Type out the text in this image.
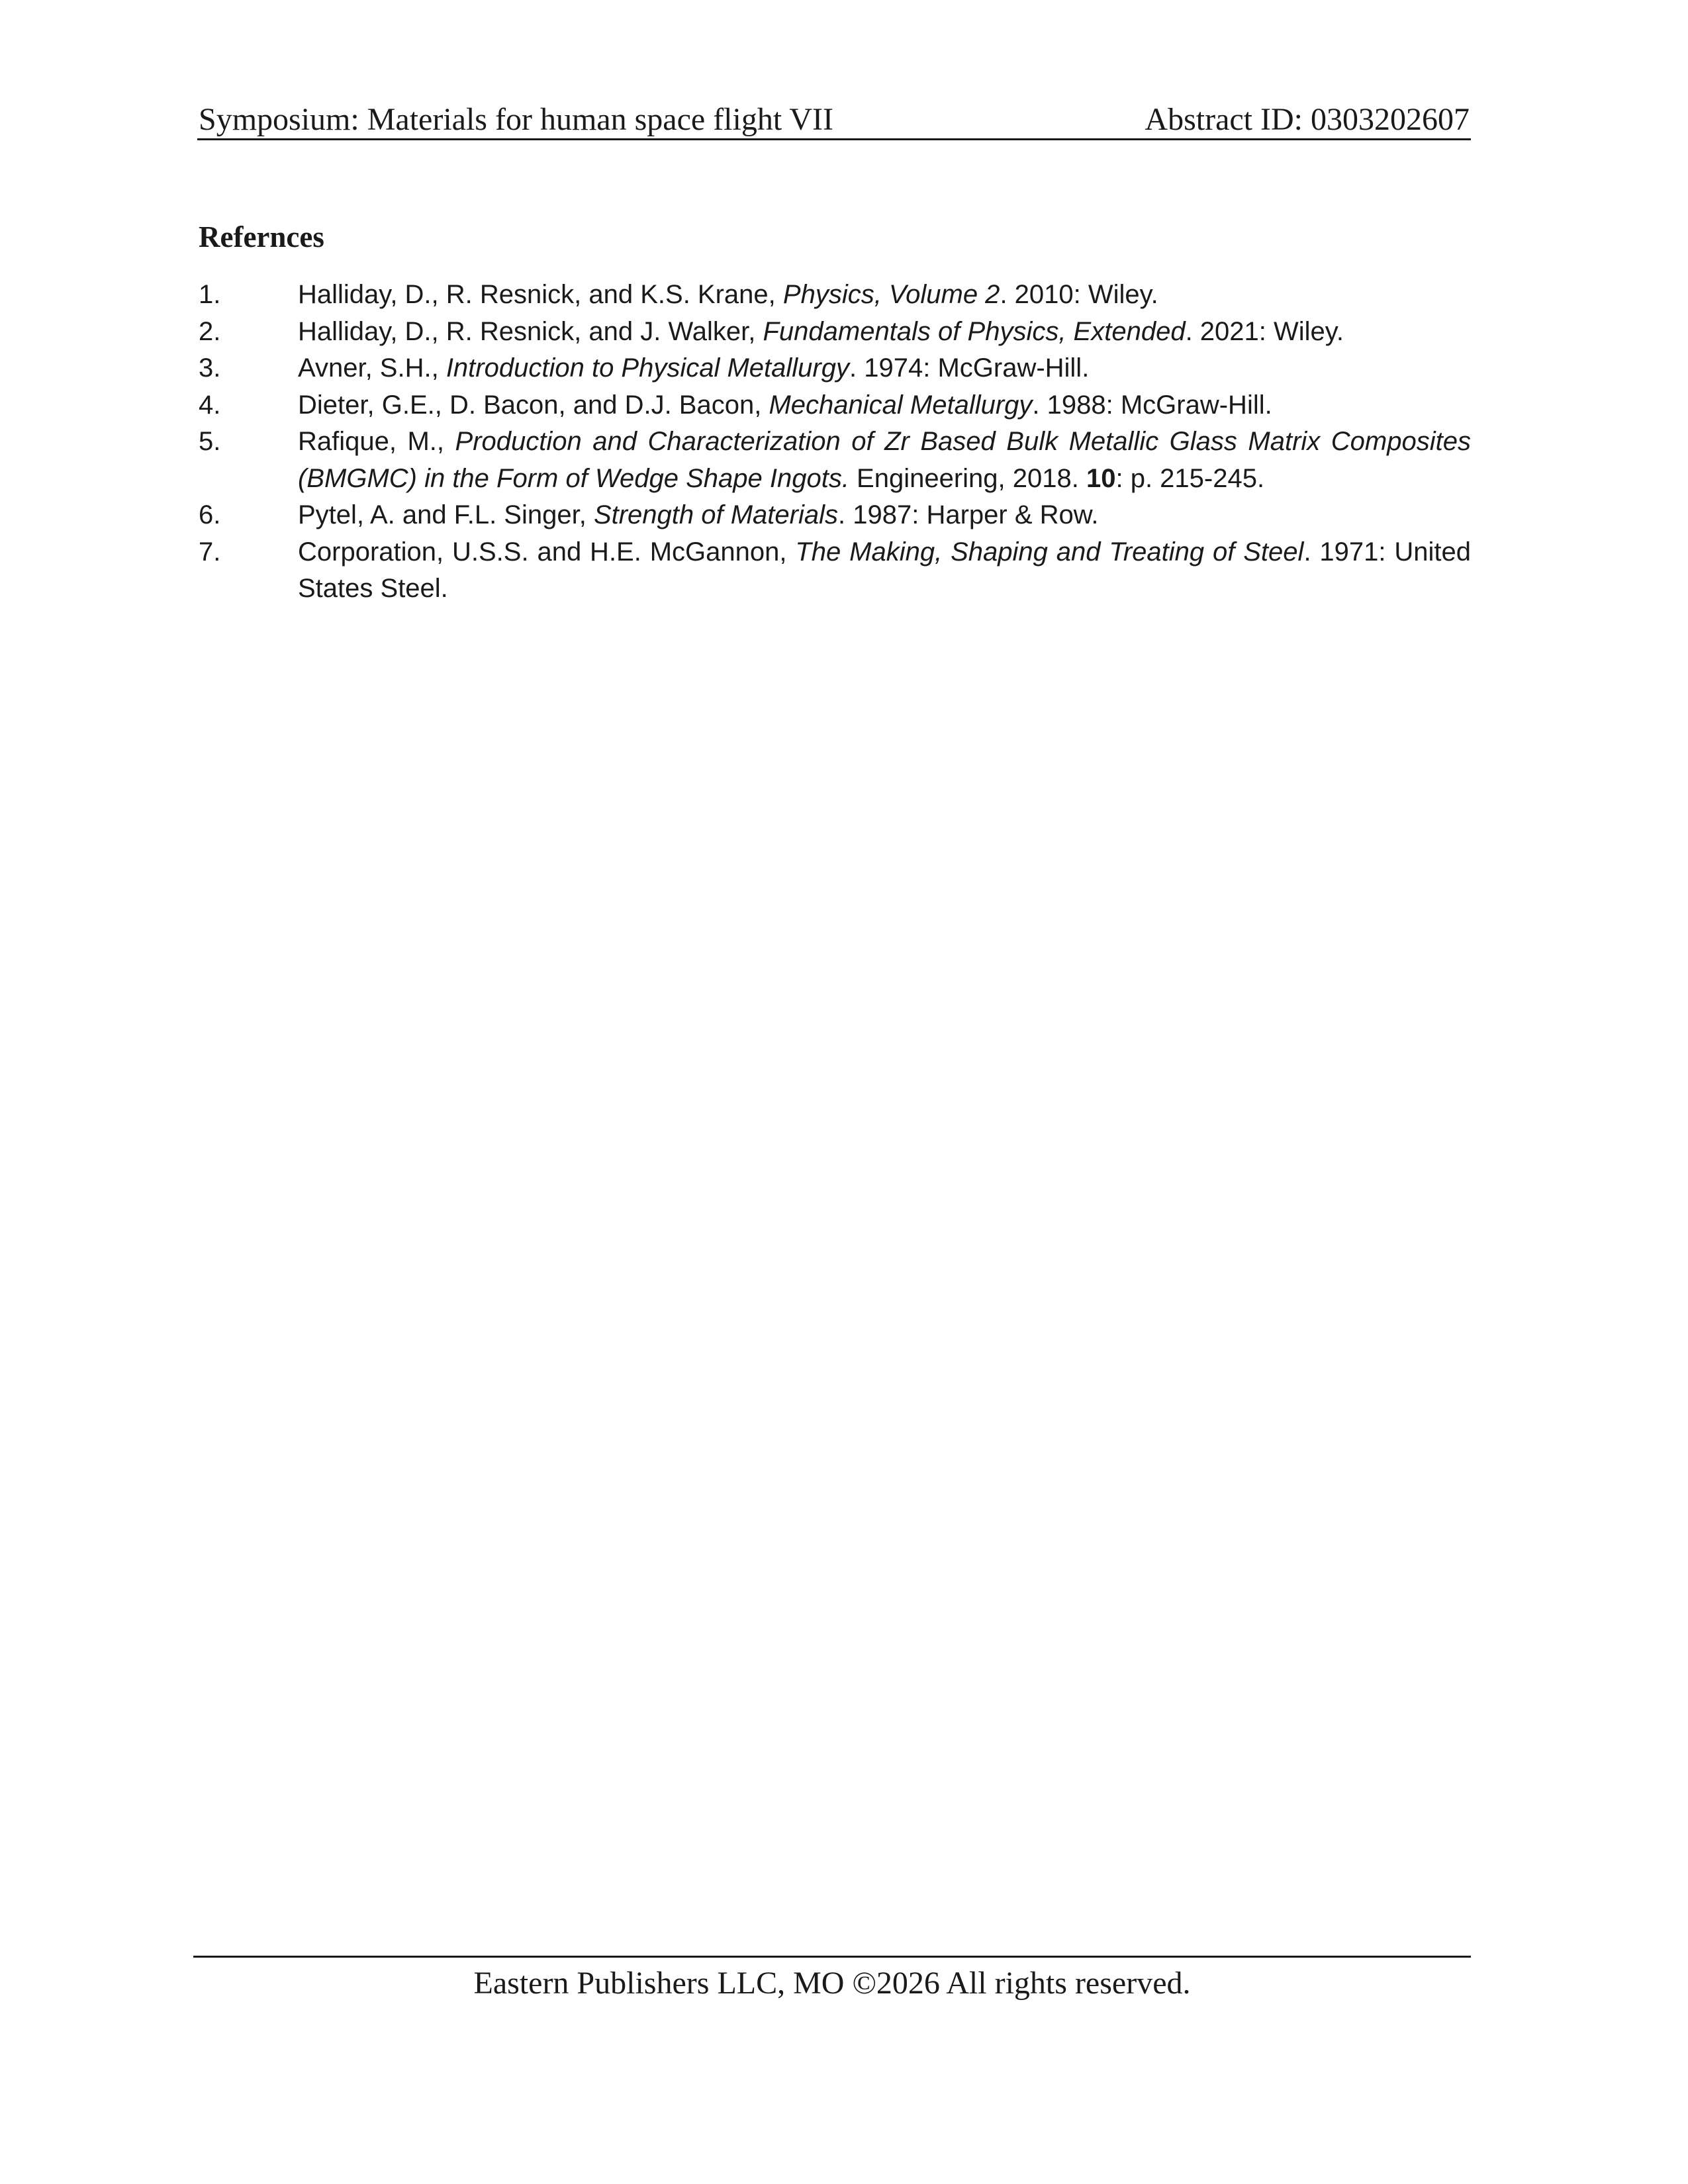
Symposium: Materials for human space flight VII	Abstract ID: 0303202607
Refernces
1.	Halliday, D., R. Resnick, and K.S. Krane, Physics, Volume 2. 2010: Wiley.
2.	Halliday, D., R. Resnick, and J. Walker, Fundamentals of Physics, Extended. 2021: Wiley.
3.	Avner, S.H., Introduction to Physical Metallurgy. 1974: McGraw-Hill.
4.	Dieter, G.E., D. Bacon, and D.J. Bacon, Mechanical Metallurgy. 1988: McGraw-Hill.
5.	Rafique, M., Production and Characterization of Zr Based Bulk Metallic Glass Matrix Composites (BMGMC) in the Form of Wedge Shape Ingots. Engineering, 2018. 10: p. 215-245.
6.	Pytel, A. and F.L. Singer, Strength of Materials. 1987: Harper & Row.
7.	Corporation, U.S.S. and H.E. McGannon, The Making, Shaping and Treating of Steel. 1971: United States Steel.
Eastern Publishers LLC, MO ©2026 All rights reserved.
